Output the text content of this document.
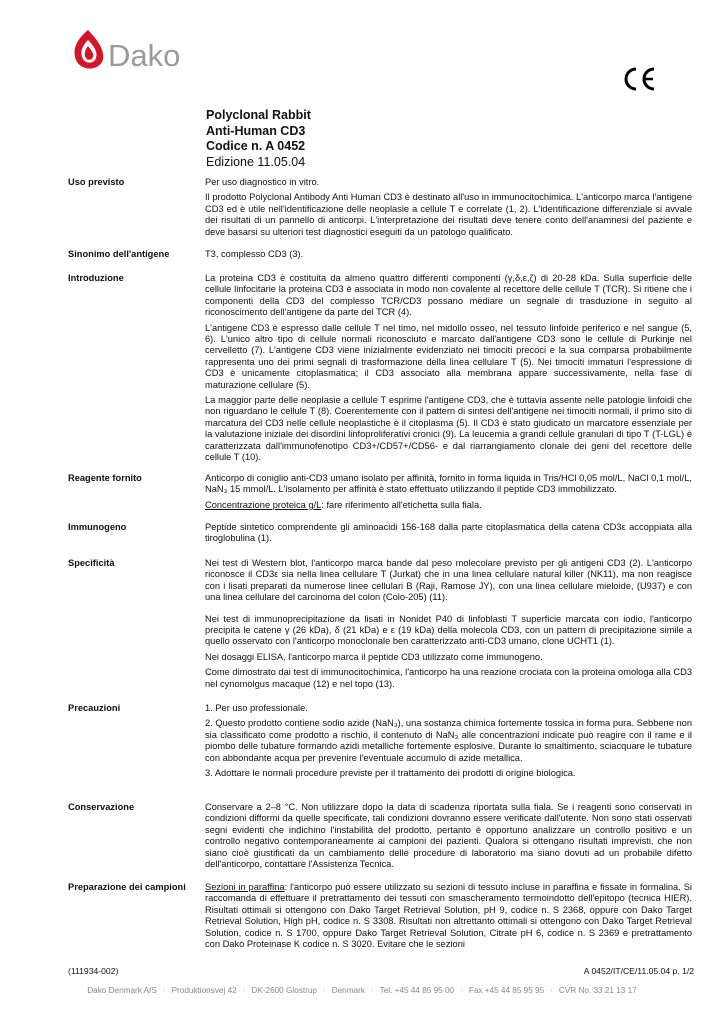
Dako
Polyclonal Rabbit
Anti-Human CD3
Codice n. A 0452
Edizione 11.05.04
Uso previsto	Per uso diagnostico in vitro.

Il prodotto Polyclonal Antibody Anti Human CD3 è destinato all'uso in immunocitochimica. L'anticorpo marca l'antigene CD3 ed è utile nell'identificazione delle neoplasie a cellule T e correlate (1, 2). L'identificazione differenziale si avvale dei risultati di un pannello di anticorpi. L'interpretazione dei risultati deve tenere conto dell'anamnesi del paziente e deve basarsi su ulteriori test diagnostici eseguiti da un patologo qualificato.

Sinonimo dell'antigene	T3, complesso CD3 (3).

Introduzione	La proteina CD3 è costituita da almeno quattro differenti componenti (γ,δ,ε,ζ) di 20-28 kDa. Sulla superficie delle cellule linfocitarie la proteina CD3 è associata in modo non covalente al recettore delle cellule T (TCR). Si ritiene che i componenti della CD3 del complesso TCR/CD3 possano mediare un segnale di trasduzione in seguito al riconoscimento dell'antigene da parte del TCR (4).

L'antigene CD3 è espresso dalle cellule T nel timo, nel midollo osseo, nel tessuto linfoide periferico e nel sangue (5, 6). L'unico altro tipo di cellule normali riconosciuto e marcato dall'antigene CD3 sono le cellule di Purkinje nel cervelletto (7). L'antigene CD3 viene inizialmente evidenziato nei timociti precoci e la sua comparsa probabilmente rappresenta uno dei primi segnali di trasformazione della linea cellulare T (5). Nei timociti immaturi l'espressione di CD3 è unicamente citoplasmatica; il CD3 associato alla membrana appare successivamente, nella fase di maturazione cellulare (5).

La maggior parte delle neoplasie a cellule T esprime l'antigene CD3, che è tuttavia assente nelle patologie linfoidi che non riguardano le cellule T (8). Coerentemente con il pattern di sintesi dell'antigene nei timociti normali, il primo sito di marcatura del CD3 nelle cellule neoplastiche è il citoplasma (5). Il CD3 è stato giudicato un marcatore essenziale per la valutazione iniziale dei disordini linfoproliferativi cronici (9). La leucemia a grandi cellule granulari di tipo T (T-LGL) è caratterizzata dall'immunofenotipo CD3+/CD57+/CD56- e dal riarrangiamento clonale dei geni del recettore delle cellule T (10).

Reagente fornito	Anticorpo di coniglio anti-CD3 umano isolato per affinità, fornito in forma liquida in Tris/HCl 0,05 mol/L, NaCl 0,1 mol/L, NaN₃ 15 mmol/L. L'isolamento per affinità è stato effettuato utilizzando il peptide CD3 immobilizzato.

Concentrazione proteica g/L: fare riferimento all'etichetta sulla fiala.

Immunogeno	Peptide sintetico comprendente gli aminoacidi 156-168 dalla parte citoplasmatica della catena CD3ε accoppiata alla tiroglobulina (1).

Specificità	Nei test di Western blot, l'anticorpo marca bande dal peso molecolare previsto per gli antigeni CD3 (2). L'anticorpo riconosce il CD3ε sia nella linea cellulare T (Jurkat) che in una linea cellulare natural killer (NK11), ma non reagisce con i lisati preparati da numerose linee cellulari B (Raji, Ramose JY), con una linea cellulare mieloide, (U937) e con una linea cellulare del carcinoma del colon (Colo-205) (11).

Nei test di immunoprecipitazione da lisati in Nonidet P40 di linfoblasti T superficie marcata con iodio, l'anticorpo precipita le catene γ (26 kDa), δ (21 kDa) e ε (19 kDa) della molecola CD3, con un pattern di precipitazione simile a quello osservato con l'anticorpo monoclonale ben caratterizzato anti-CD3 umano, clone UCHT1 (1).

Nei dosaggi ELISA, l'anticorpo marca il peptide CD3 utilizzato come immunogeno.

Come dimostrato dai test di immunocitochimica, l'anticorpo ha una reazione crociata con la proteina omologa alla CD3 nel cynomolgus macaque (12) e nel topo (13).

Precauzioni	1. Per uso professionale.

2. Questo prodotto contiene sodio azide (NaN₃), una sostanza chimica fortemente tossica in forma pura. Sebbene non sia classificato come prodotto a rischio, il contenuto di NaN₃ alle concentrazioni indicate può reagire con il rame e il piombo delle tubature formando azidi metalliche fortemente esplosive. Durante lo smaltimento, sciacquare le tubature con abbondante acqua per prevenire l'eventuale accumulo di azide metallica.

3. Adottare le normali procedure previste per il trattamento dei prodotti di origine biologica.

Conservazione	Conservare a 2–8 °C. Non utilizzare dopo la data di scadenza riportata sulla fiala. Se i reagenti sono conservati in condizioni difformi da quelle specificate, tali condizioni dovranno essere verificate dall'utente. Non sono stati osservati segni evidenti che indichino l'instabilità del prodotto, pertanto è opportuno analizzare un controllo positivo e un controllo negativo contemporaneamente ai campioni dei pazienti. Qualora si ottengano risultati imprevisti, che non siano cioè giustificati da un cambiamento delle procedure di laboratorio ma siano dovuti ad un probabile difetto dell'anticorpo, contattare l'Assistenza Tecnica.

Preparazione dei campioni	Sezioni in paraffina: l'anticorpo può essere utilizzato su sezioni di tessuto incluse in paraffina e fissate in formalina. Si raccomanda di effettuare il pretrattamento dei tessuti con smascheramento termoindotto dell'epitopo (tecnica HIER). Risultati ottimali si ottengono con Dako Target Retrieval Solution, pH 9, codice n. S 2368, oppure con Dako Target Retrieval Solution, High pH, codice n. S 3308. Risultati non altrettanto ottimali si ottengono con Dako Target Retrieval Solution, codice n. S 1700, oppure Dako Target Retrieval Solution, Citrate pH 6, codice n. S 2369 e pretrattamento con Dako Proteinase K codice n. S 3020. Evitare che le sezioni

(111934-002)	A 0452/IT/CE/11.05.04 p. 1/2
Dako Denmark A/S · Produktionsvej 42 · DK-2600 Glostrup · Denmark · Tel. +45 44 85 95 00 · Fax +45 44 85 95 95 · CVR No. 33 21 13 17
